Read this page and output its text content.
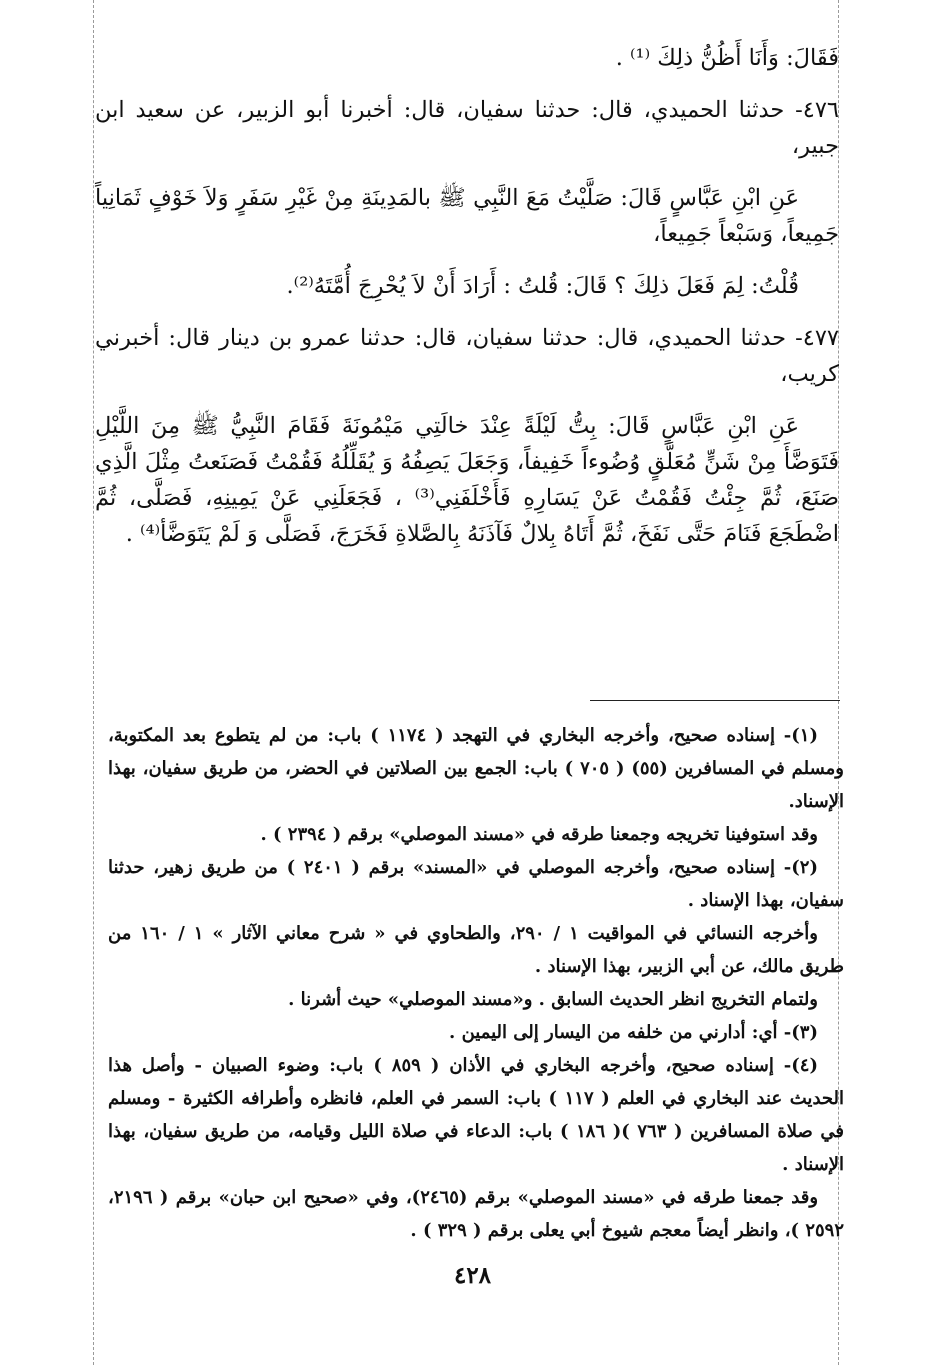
فَقَالَ: وَأَنَا أَظُنُّ ذلِكَ ⁽¹⁾ .

٤٧٦- حدثنا الحميدي، قال: حدثنا سفيان، قال: أخبرنا أبو الزبير، عن سعيد ابن جبير،

عَنِ ابْنِ عَبَّاسٍ قَالَ: صَلَّيْتُ مَعَ النَّبِي ﷺ بالمَدِينَةِ مِنْ غَيْرِ سَفَرٍ وَلاَ خَوْفٍ ثَمَانِياً جَمِيعاً، وَسَبْعاً جَمِيعاً،

قُلْتُ: لِمَ فَعَلَ ذلِكَ ؟ قَالَ: قُلتُ : أَرَادَ أَنْ لاَ يُحْرِجَ أُمَّتَهُ⁽²⁾.

٤٧٧- حدثنا الحميدي، قال: حدثنا سفيان، قال: حدثنا عمرو بن دينار قال: أخبرني كريب،

عَنِ ابْنِ عَبَّاسٍ قَالَ: بِتُّ لَيْلَةً عِنْدَ خالَتِي مَيْمُونَةَ فَقَامَ النَّبِيُّ ﷺ مِنَ اللَّيْلِ فَتَوَضَّأَ مِنْ شَنٍّ مُعَلَّقٍ وُضُوءاً خَفِيفاً، وَجَعَلَ يَصِفُهُ وَ يُقَلِّلُهُ فَقُمْتُ فَصَنَعتُ مِثْلَ الَّذِي صَنَعَ، ثُمَّ جِئْتُ فَقُمْتُ عَنْ يَسَارِهِ فَأَخْلَفَنِي⁽³⁾ ، فَجَعَلَنِي عَنْ يَمِينِهِ، فَصَلَّى، ثُمَّ اضْطَجَعَ فَنَامَ حَتَّى نَفَخَ، ثُمَّ أَتَاهُ بِلالٌ فَآذَنَهُ بِالصَّلاةِ فَخَرَجَ، فَصَلَّى وَ لَمْ يَتَوَضَّأ⁽⁴⁾ .

(١)- إسناده صحيح، وأخرجه البخاري في التهجد ( ١١٧٤ ) باب: من لم يتطوع بعد المكتوبة، ومسلم في المسافرين (٥٥) ( ٧٠٥ ) باب: الجمع بين الصلاتين في الحضر، من طريق سفيان، بهذا الإسناد.

وقد استوفينا تخريجه وجمعنا طرقه في «مسند الموصلي» برقم ( ٢٣٩٤ ) .

(٢)- إسناده صحيح، وأخرجه الموصلي في «المسند» برقم ( ٢٤٠١ ) من طريق زهير، حدثنا سفيان، بهذا الإسناد .

وأخرجه النسائي في المواقيت ١ / ٢٩٠، والطحاوي في « شرح معاني الآثار » ١ / ١٦٠ من طريق مالك، عن أبي الزبير، بهذا الإسناد .

ولتمام التخريج انظر الحديث السابق . و«مسند الموصلي» حيث أشرنا .

(٣)- أي: أدارني من خلفه من اليسار إلى اليمين .

(٤)- إسناده صحيح، وأخرجه البخاري في الأذان ( ٨٥٩ ) باب: وضوء الصبيان - وأصل هذا الحديث عند البخاري في العلم ( ١١٧ ) باب: السمر في العلم، فانظره وأطرافه الكثيرة - ومسلم في صلاة المسافرين ( ٧٦٣ )( ١٨٦ ) باب: الدعاء في صلاة الليل وقيامه، من طريق سفيان، بهذا الإسناد .

وقد جمعنا طرقه في «مسند الموصلي» برقم (٢٤٦٥)، وفي «صحيح ابن حبان» برقم ( ٢١٩٦، ٢٥٩٢ )، وانظر أيضاً معجم شيوخ أبي يعلى برقم ( ٣٢٩ ) .

٤٢٨
